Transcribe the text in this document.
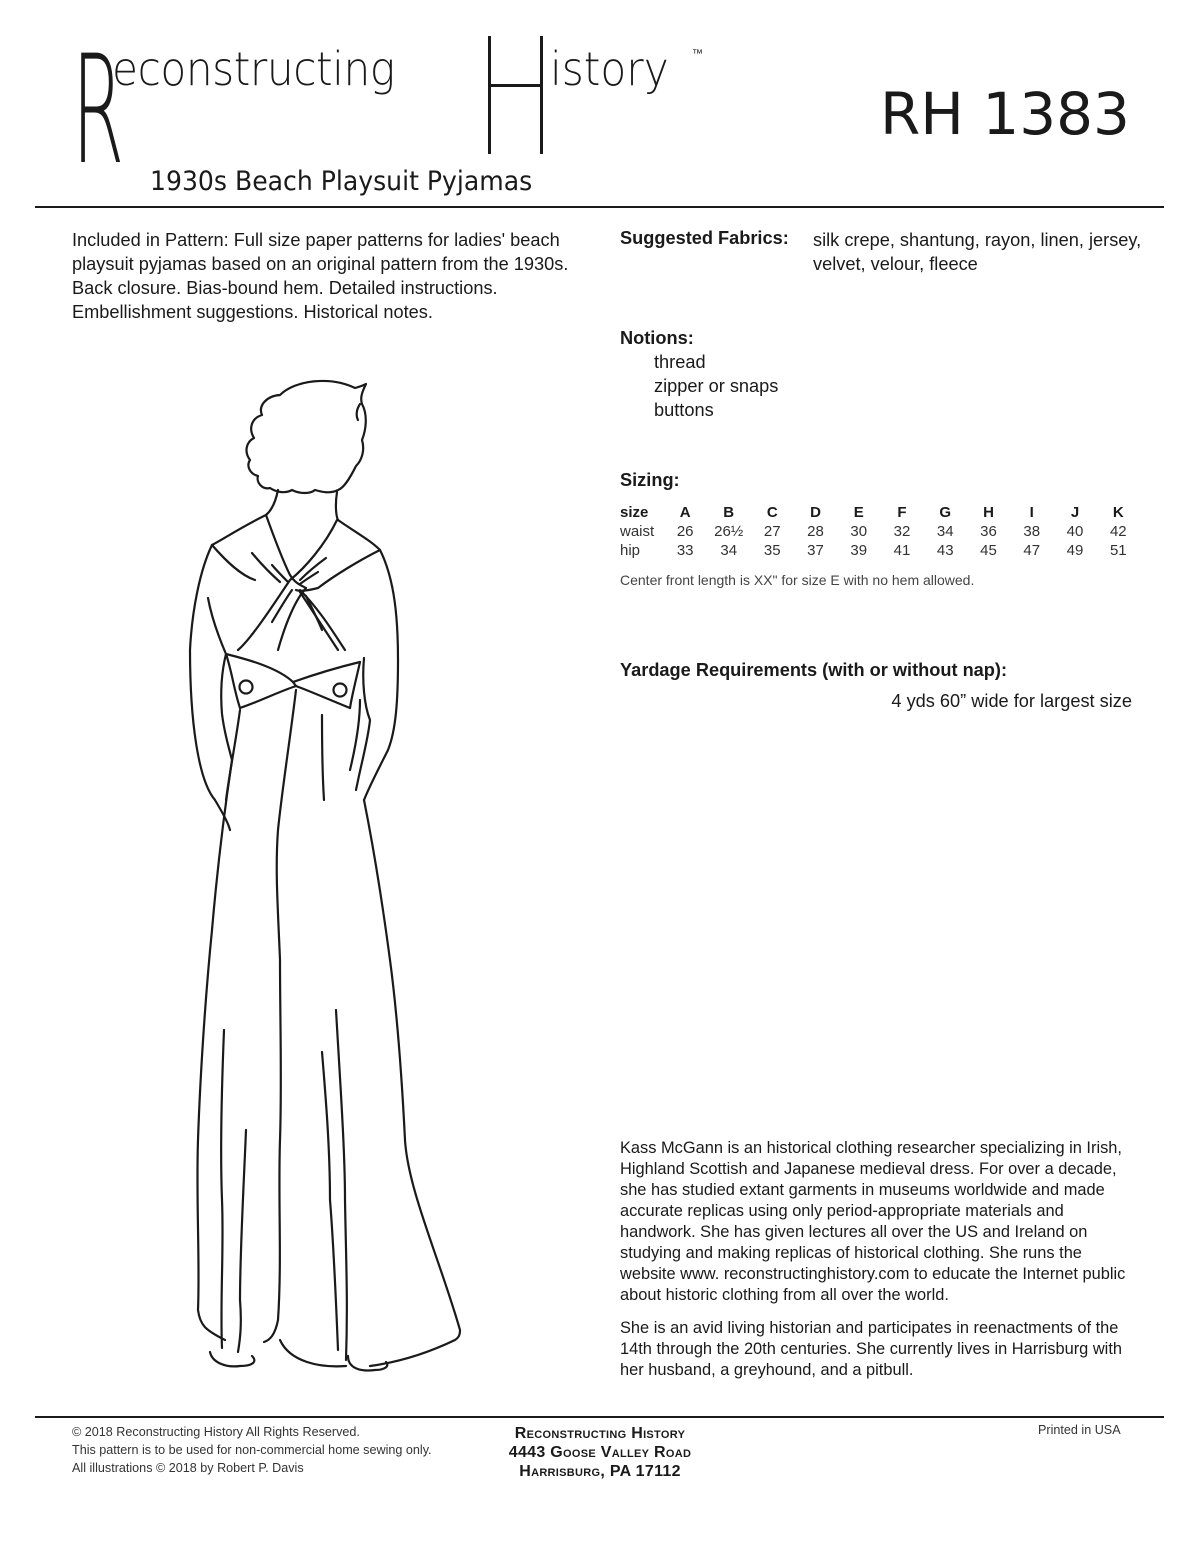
R
econstructing	istory ™
RH 1383
1930s Beach Playsuit Pyjamas
Included in Pattern: Full size paper patterns for ladies' beach playsuit pyjamas based on an original pattern from the 1930s. Back closure. Bias-bound hem. Detailed instructions. Embellishment suggestions. Historical notes.
Suggested Fabrics: silk crepe, shantung, rayon, linen, jersey, velvet, velour, fleece
Notions:
thread
zipper or snaps
buttons
Sizing:
size	A	B	C	D	E	F	G	H	I	J	K
waist	26	26½	27	28	30	32	34	36	38	40	42
hip	33	34	35	37	39	41	43	45	47	49	51
Center front length is XX" for size E with no hem allowed.
Yardage Requirements (with or without nap):
4 yds 60” wide for largest size

Kass McGann is an historical clothing researcher specializing in Irish, Highland Scottish and Japanese medieval dress. For over a decade, she has studied extant garments in museums worldwide and made accurate replicas using only period-appropriate materials and handwork. She has given lectures all over the US and Ireland on studying and making replicas of historical clothing. She runs the website www. reconstructinghistory.com to educate the Internet public about historic clothing from all over the world.

She is an avid living historian and participates in reenactments of the 14th through the 20th centuries. She currently lives in Harrisburg with her husband, a greyhound, and a pitbull.

© 2018 Reconstructing History All Rights Reserved.
This pattern is to be used for non-commercial home sewing only.
All illustrations © 2018 by Robert P. Davis
Reconstructing History
4443 Goose Valley Road
Harrisburg, PA 17112
Printed in USA
